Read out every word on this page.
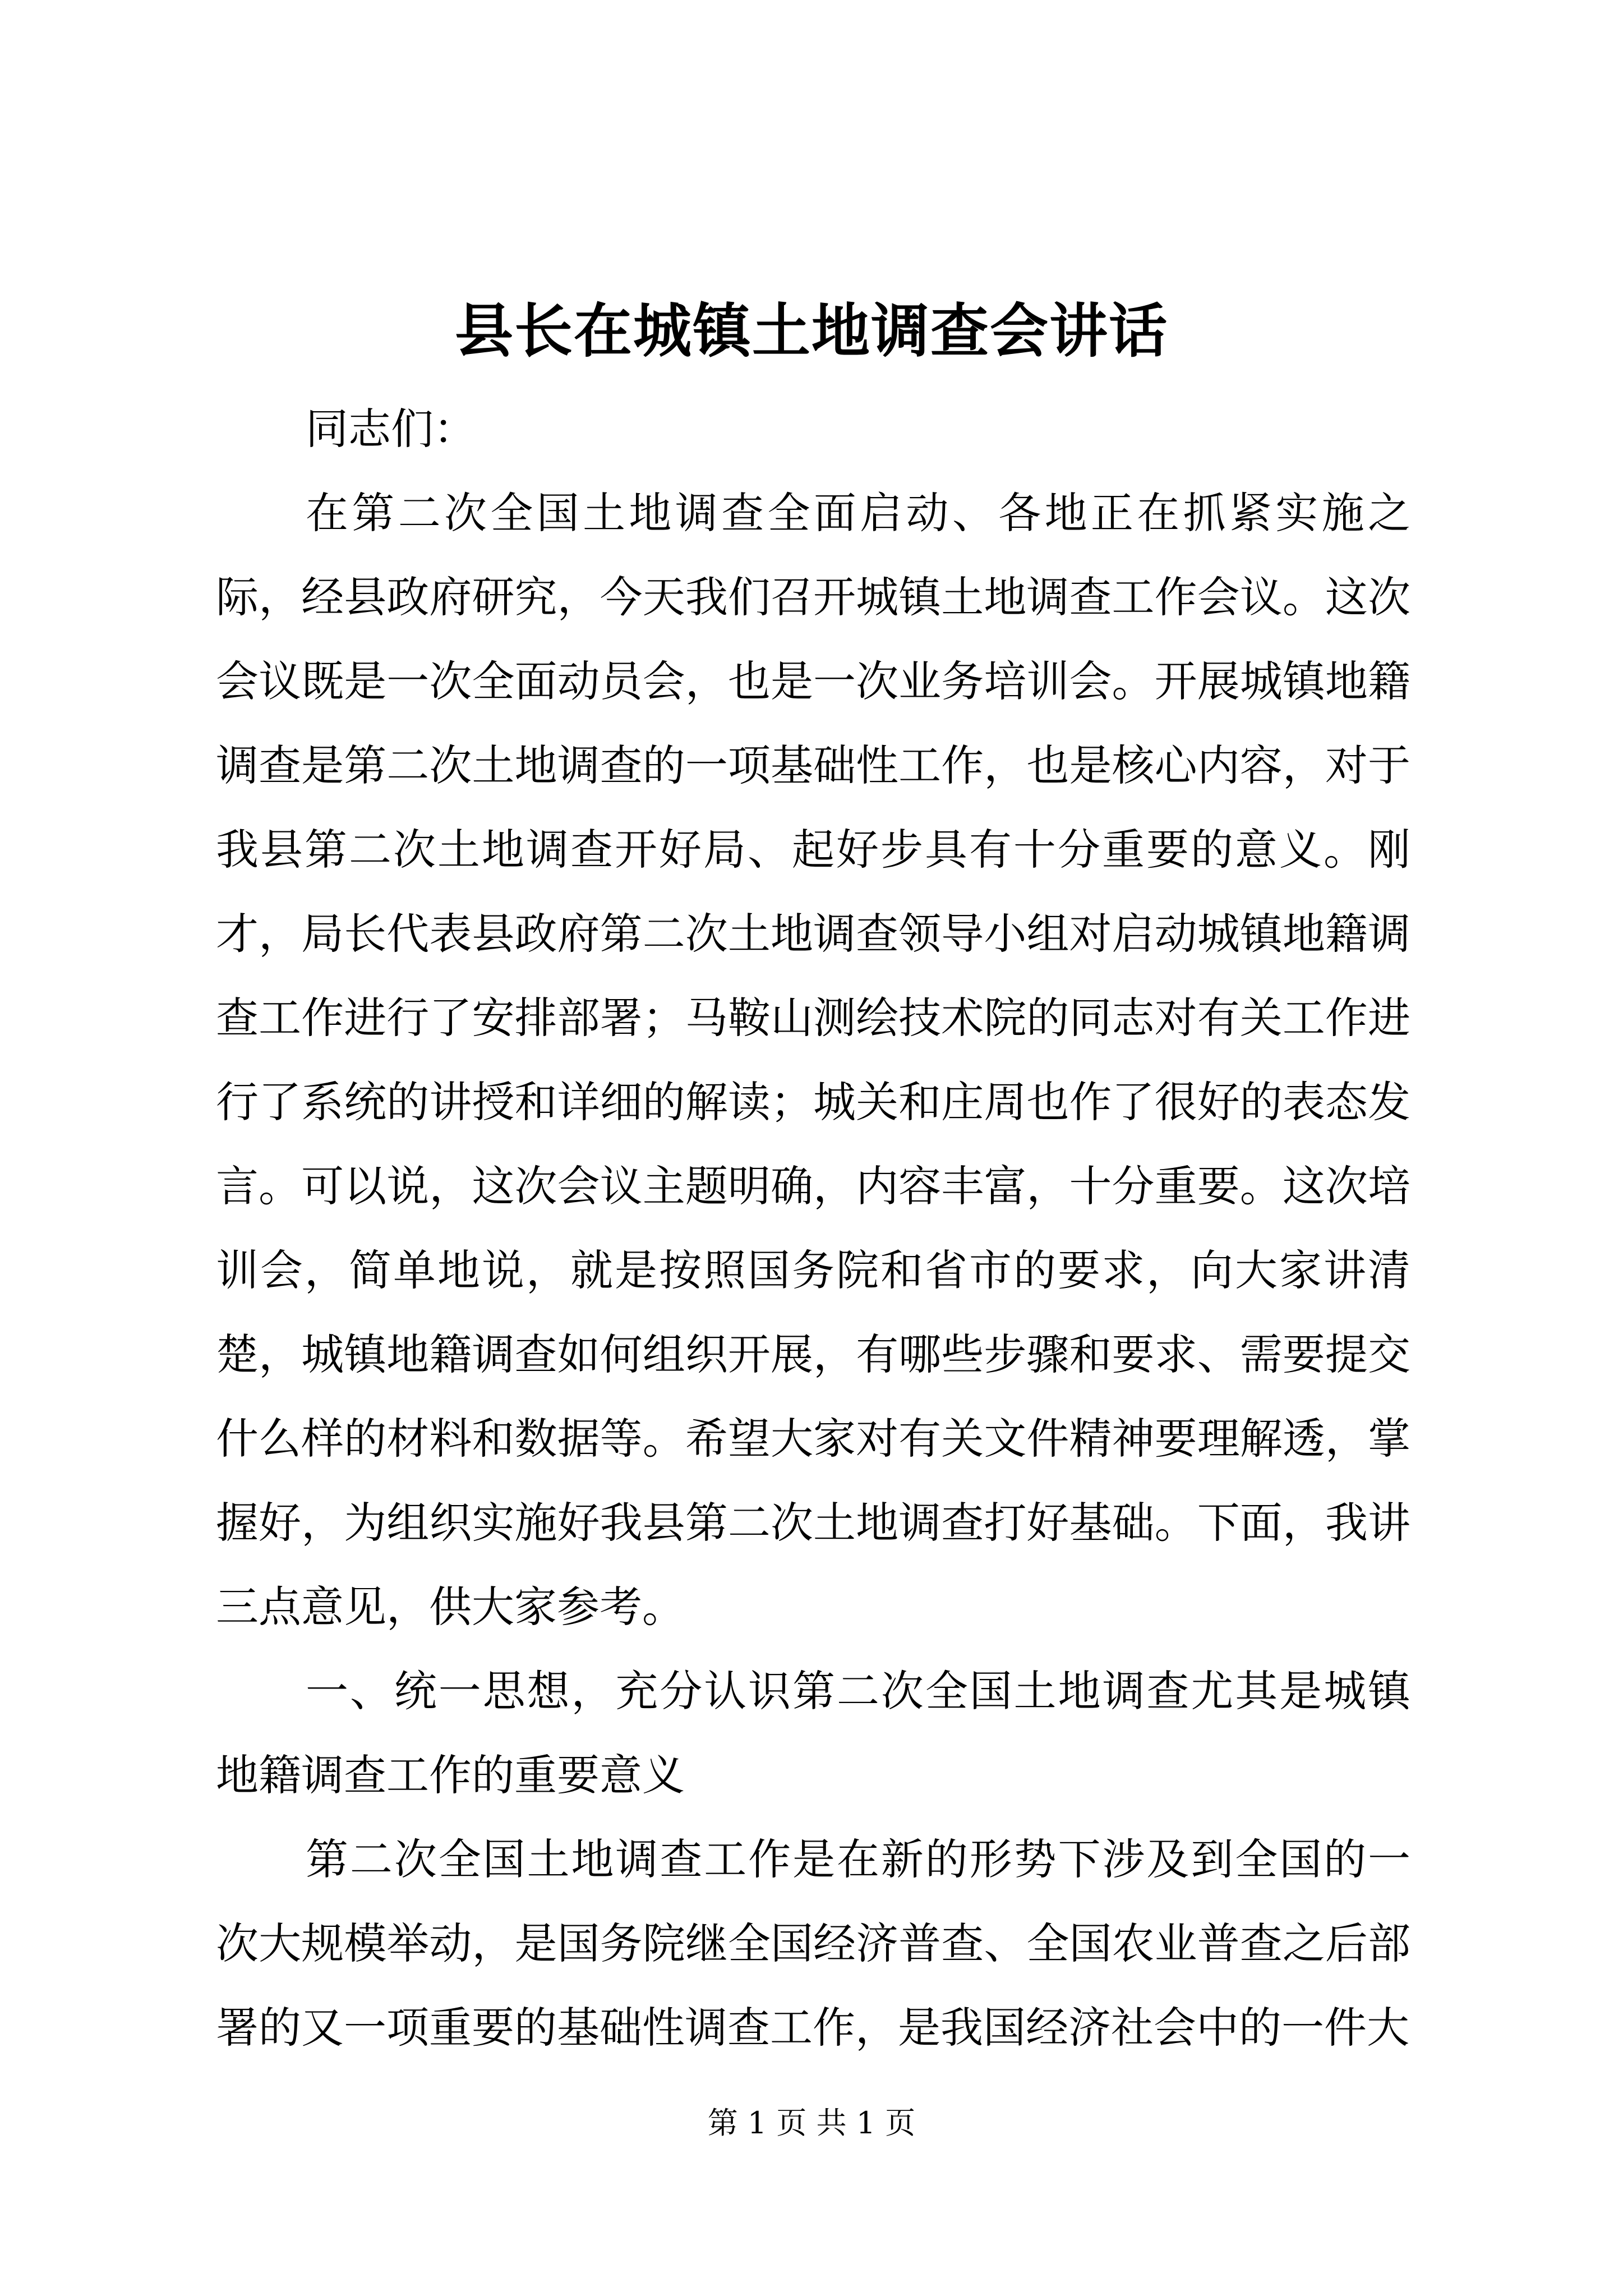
县长在城镇土地调查会讲话

同志们：

在第二次全国土地调查全面启动、各地正在抓紧实施之际，经县政府研究，今天我们召开城镇土地调查工作会议。这次会议既是一次全面动员会，也是一次业务培训会。开展城镇地籍调查是第二次土地调查的一项基础性工作，也是核心内容，对于我县第二次土地调查开好局、起好步具有十分重要的意义。刚才，局长代表县政府第二次土地调查领导小组对启动城镇地籍调查工作进行了安排部署；马鞍山测绘技术院的同志对有关工作进行了系统的讲授和详细的解读；城关和庄周也作了很好的表态发言。可以说，这次会议主题明确，内容丰富，十分重要。这次培训会，简单地说，就是按照国务院和省市的要求，向大家讲清楚，城镇地籍调查如何组织开展，有哪些步骤和要求、需要提交什么样的材料和数据等。希望大家对有关文件精神要理解透，掌握好，为组织实施好我县第二次土地调查打好基础。下面，我讲三点意见，供大家参考。

一、统一思想，充分认识第二次全国土地调查尤其是城镇地籍调查工作的重要意义

第二次全国土地调查工作是在新的形势下涉及到全国的一次大规模举动，是国务院继全国经济普查、全国农业普查之后部署的又一项重要的基础性调查工作，是我国经济社会中的一件大

第 1 页 共 1 页
